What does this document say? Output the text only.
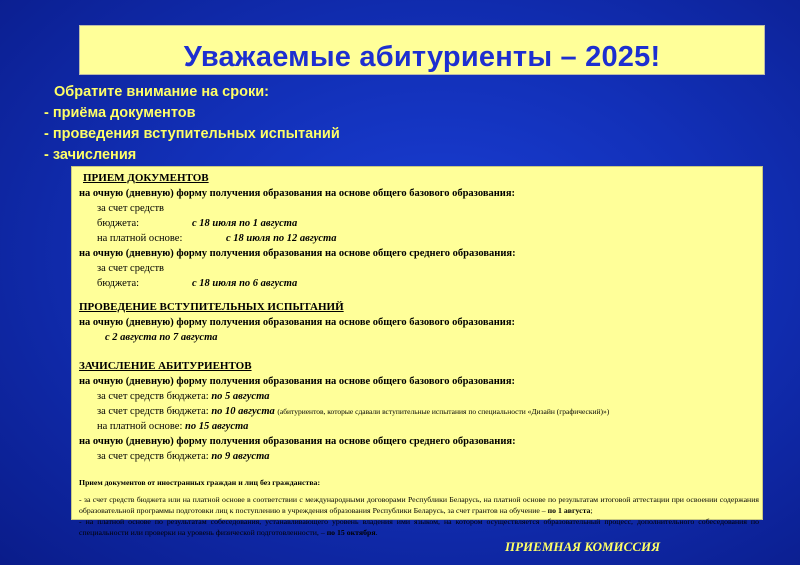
Уважаемые абитуриенты – 2025!
Обратите внимание на сроки:
- приёма документов
- проведения вступительных испытаний
- зачисления
ПРИЕМ ДОКУМЕНТОВ
на очную (дневную) форму получения образования на основе общего базового образования:
за счет средств бюджета:	с 18 июля по 1 августа
на платной основе:	с 18 июля по 12 августа
на очную (дневную) форму получения образования на основе общего среднего образования:
за счет средств бюджета:	с 18 июля по 6 августа
ПРОВЕДЕНИЕ ВСТУПИТЕЛЬНЫХ ИСПЫТАНИЙ
на очную (дневную) форму получения образования на основе общего базового образования:
с 2 августа по 7 августа
ЗАЧИСЛЕНИЕ АБИТУРИЕНТОВ
на очную (дневную) форму получения образования на основе общего базового образования:
за счет средств бюджета: по 5 августа
за счет средств бюджета: по 10 августа (абитуриентов, которые сдавали вступительные испытания по специальности «Дизайн (графический)»)
на платной основе: по 15 августа
на очную (дневную) форму получения образования на основе общего среднего образования:
за счет средств бюджета: по 9 августа
Прием документов от иностранных граждан и лиц без гражданства:

- за счет средств бюджета или на платной основе в соответствии с международными договорами Республики Беларусь, на платной основе по результатам итоговой аттестации при освоении содержания образовательной программы подготовки лиц к поступлению в учреждения образования Республики Беларусь, за счет грантов на обучение – по 1 августа;

- на платной основе по результатам собеседования, устанавливающего уровень владения ими языком, на котором осуществляется образовательный процесс, дополнительного собеседования по специальности или проверки на уровень физической подготовленности, – по 15 октября.

ПРИЕМНАЯ КОМИССИЯ
